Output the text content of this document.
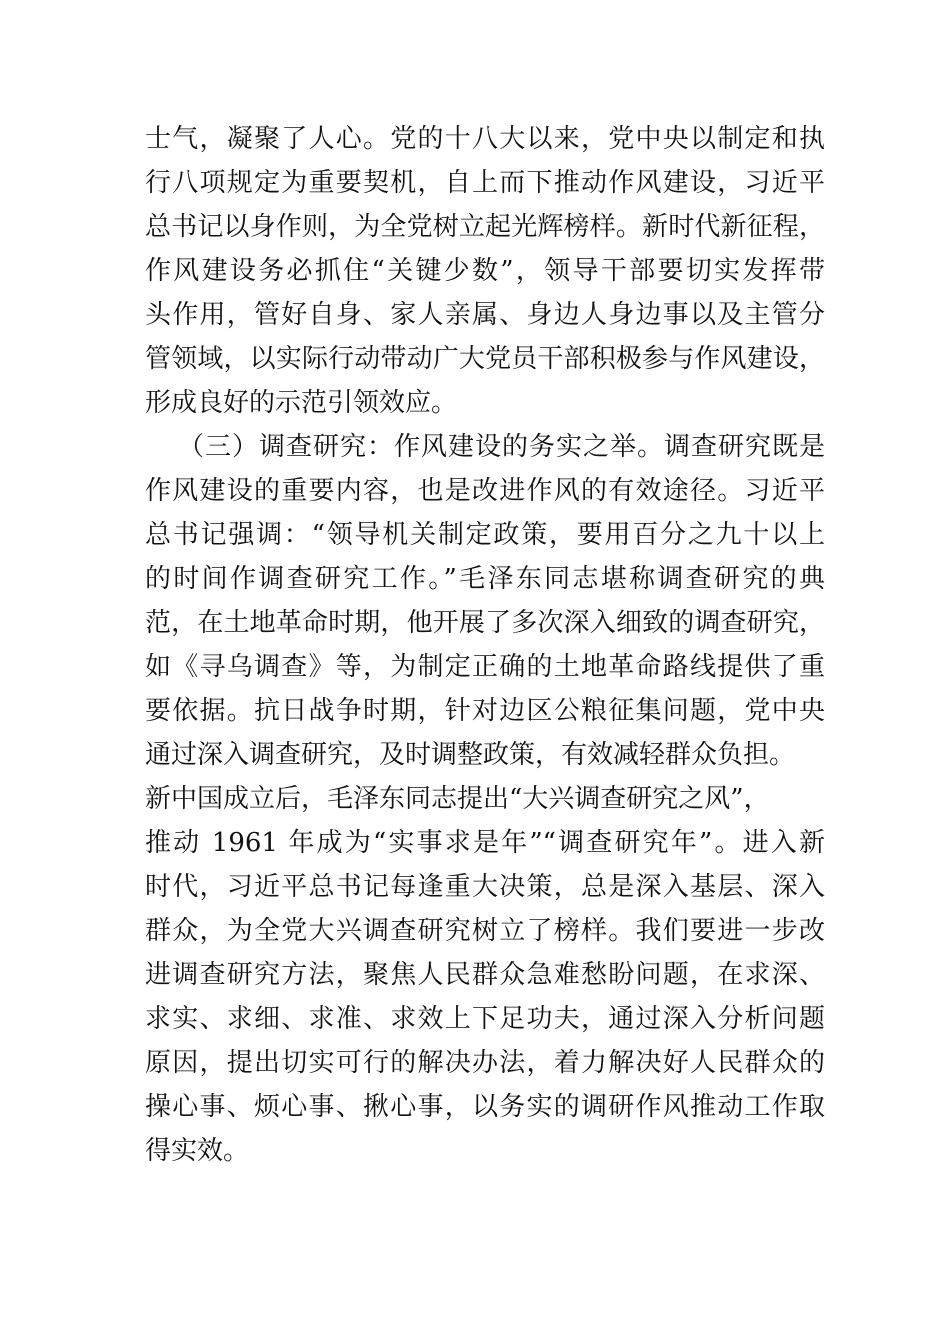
士气，凝聚了人心。党的十八大以来，党中央以制定和执
行八项规定为重要契机，自上而下推动作风建设，习近平
总书记以身作则，为全党树立起光辉榜样。新时代新征程，
作风建设务必抓住“关键少数”，领导干部要切实发挥带
头作用，管好自身、家人亲属、身边人身边事以及主管分
管领域，以实际行动带动广大党员干部积极参与作风建设，
形成良好的示范引领效应。
（三）调查研究：作风建设的务实之举。调查研究既是
作风建设的重要内容，也是改进作风的有效途径。习近平
总书记强调：“领导机关制定政策，要用百分之九十以上
的时间作调查研究工作。”毛泽东同志堪称调查研究的典
范，在土地革命时期，他开展了多次深入细致的调查研究，
如《寻乌调查》等，为制定正确的土地革命路线提供了重
要依据。抗日战争时期，针对边区公粮征集问题，党中央
通过深入调查研究，及时调整政策，有效减轻群众负担。
新中国成立后，毛泽东同志提出“大兴调查研究之风”，
推动 1961 年成为“实事求是年”“调查研究年”。进入新
时代，习近平总书记每逢重大决策，总是深入基层、深入
群众，为全党大兴调查研究树立了榜样。我们要进一步改
进调查研究方法，聚焦人民群众急难愁盼问题，在求深、
求实、求细、求准、求效上下足功夫，通过深入分析问题
原因，提出切实可行的解决办法，着力解决好人民群众的
操心事、烦心事、揪心事，以务实的调研作风推动工作取
得实效。
